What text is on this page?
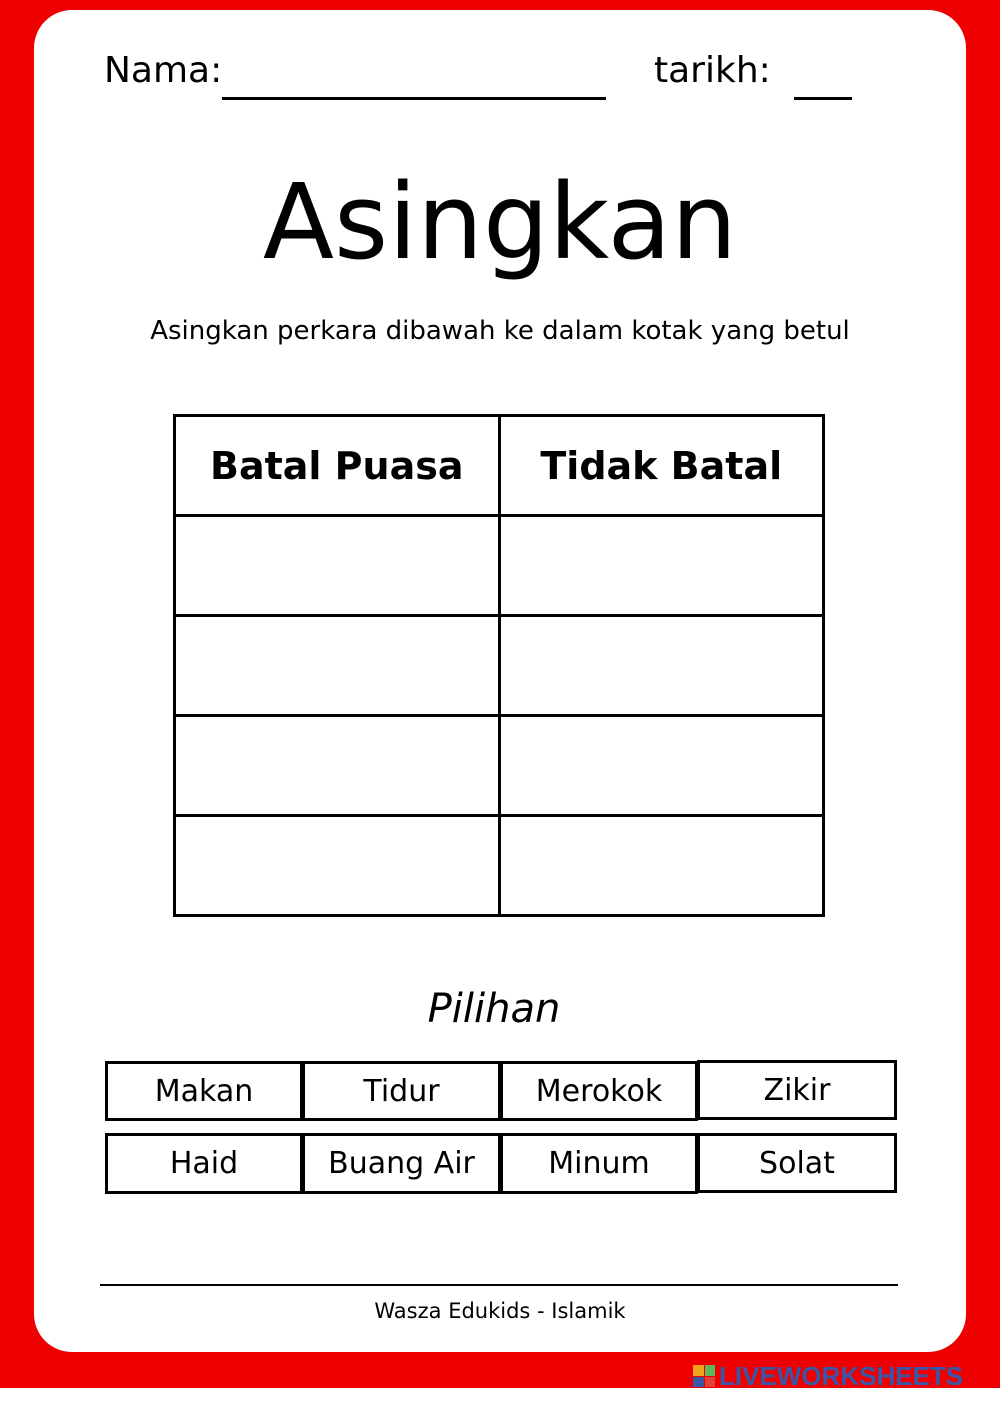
Nama:	tarikh:
Asingkan
Asingkan perkara dibawah ke dalam kotak yang betul
Batal Puasa	Tidak Batal

Pilihan
Makan	Tidur	Merokok	Zikir
Haid	Buang Air	Minum	Solat
Wasza Edukids - Islamik
LIVEWORKSHEETS
